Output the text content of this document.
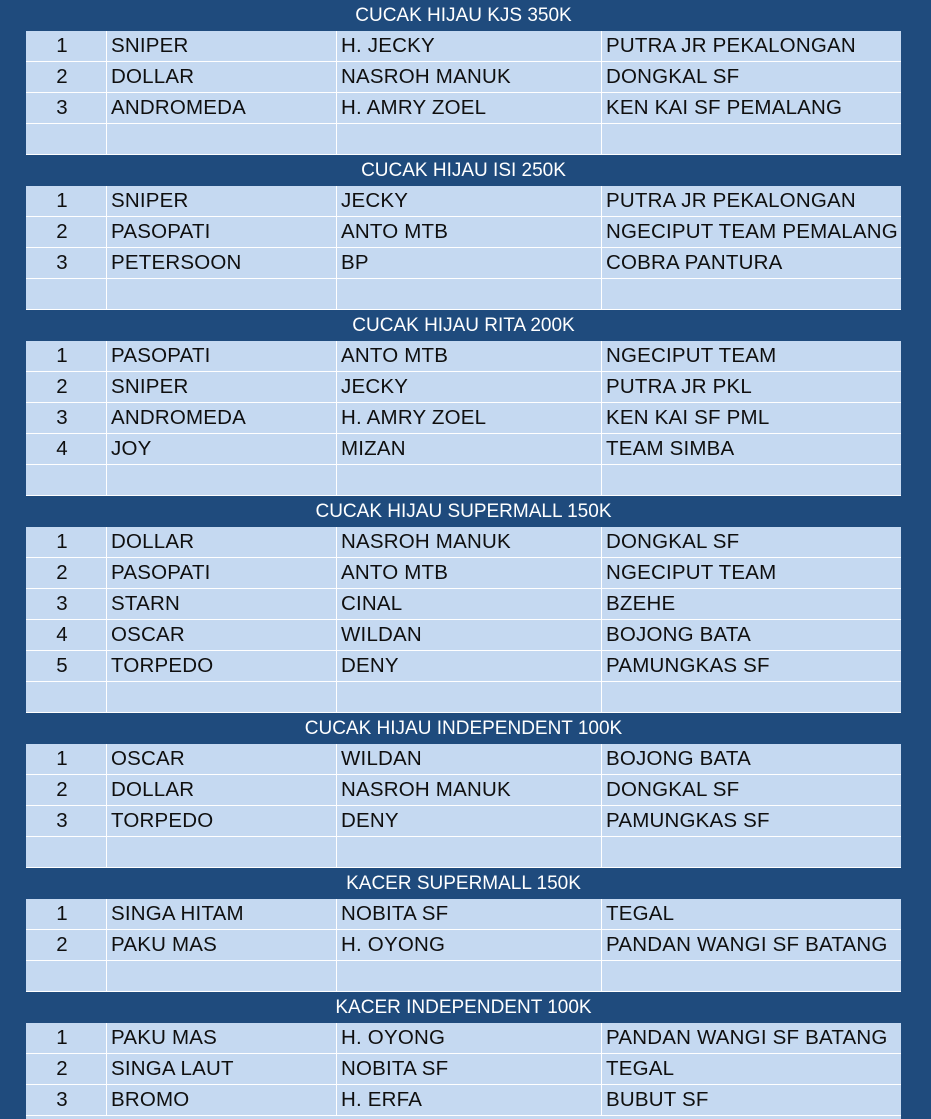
CUCAK HIJAU KJS 350K
1	SNIPER	H. JECKY	PUTRA JR PEKALONGAN
2	DOLLAR	NASROH MANUK	DONGKAL SF
3	ANDROMEDA	H. AMRY ZOEL	KEN KAI SF PEMALANG
CUCAK HIJAU ISI 250K
1	SNIPER	JECKY	PUTRA JR PEKALONGAN
2	PASOPATI	ANTO MTB	NGECIPUT TEAM PEMALANG
3	PETERSOON	BP	COBRA PANTURA
CUCAK HIJAU RITA 200K
1	PASOPATI	ANTO MTB	NGECIPUT TEAM
2	SNIPER	JECKY	PUTRA JR PKL
3	ANDROMEDA	H. AMRY ZOEL	KEN KAI SF PML
4	JOY	MIZAN	TEAM SIMBA
CUCAK HIJAU SUPERMALL 150K
1	DOLLAR	NASROH MANUK	DONGKAL SF
2	PASOPATI	ANTO MTB	NGECIPUT TEAM
3	STARN	CINAL	BZEHE
4	OSCAR	WILDAN	BOJONG BATA
5	TORPEDO	DENY	PAMUNGKAS SF
CUCAK HIJAU INDEPENDENT 100K
1	OSCAR	WILDAN	BOJONG BATA
2	DOLLAR	NASROH MANUK	DONGKAL SF
3	TORPEDO	DENY	PAMUNGKAS SF
KACER SUPERMALL 150K
1	SINGA HITAM	NOBITA SF	TEGAL
2	PAKU MAS	H. OYONG	PANDAN WANGI SF BATANG
KACER INDEPENDENT 100K
1	PAKU MAS	H. OYONG	PANDAN WANGI SF BATANG
2	SINGA LAUT	NOBITA SF	TEGAL
3	BROMO	H. ERFA	BUBUT SF
